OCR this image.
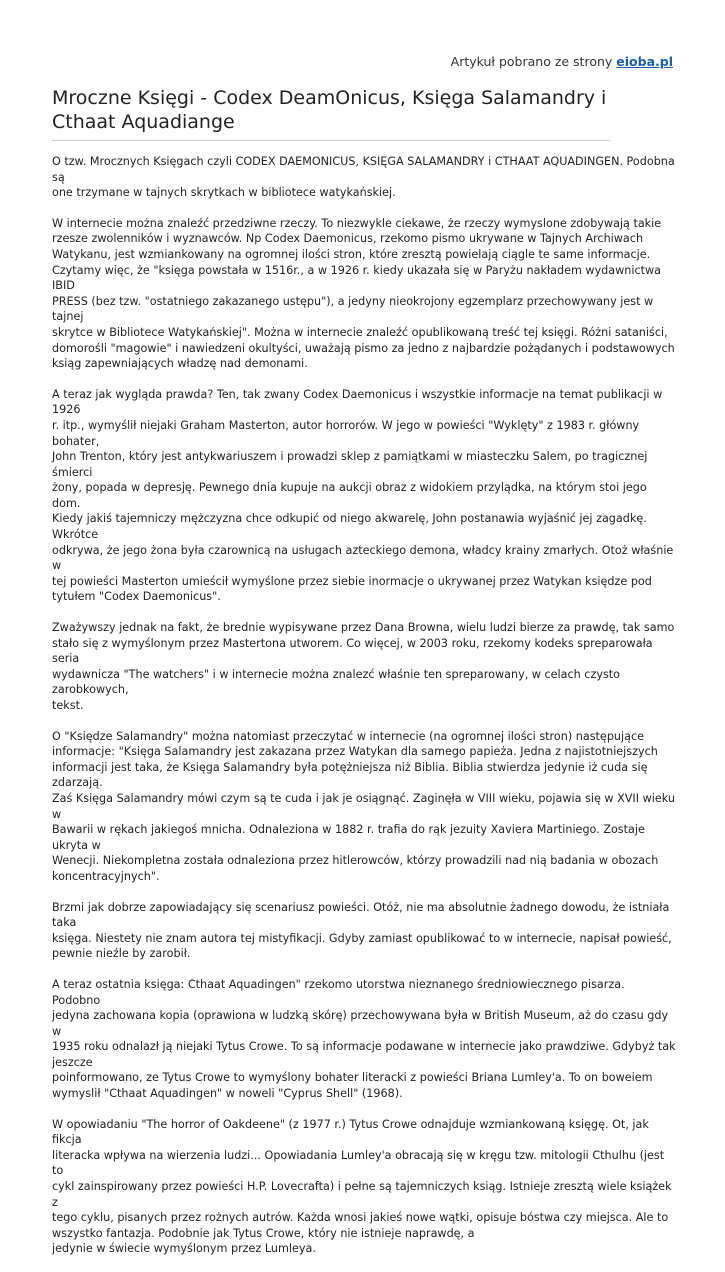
Artykuł pobrano ze strony eioba.pl
Mroczne Księgi - Codex DeamOnicus, Księga Salamandry i Cthaat Aquadiange

O tzw. Mrocznych Księgach czyli CODEX DAEMONICUS, KSIĘGA SALAMANDRY i CTHAAT AQUADINGEN. Podobna są
one trzymane w tajnych skrytkach w bibliotece watykańskiej.

W internecie można znaleźć przedziwne rzeczy. To niezwykle ciekawe, że rzeczy wymyslone zdobywają takie
rzesze zwolenników i wyznawców. Np Codex Daemonicus, rzekomo pismo ukrywane w Tajnych Archiwach
Watykanu, jest wzmiankowany na ogromnej ilości stron, które zresztą powielają ciągle te same informacje.
Czytamy więc, że "księga powstała w 1516r., a w 1926 r. kiedy ukazała się w Paryżu nakładem wydawnictwa IBID
PRESS (bez tzw. "ostatniego zakazanego ustępu"), a jedyny nieokrojony egzemplarz przechowywany jest w tajnej
skrytce w Bibliotece Watykańskiej". Można w internecie znaleźć opublikowaną treść tej księgi. Różni sataniści,
domorośli "magowie" i nawiedzeni okultyści, uważają pismo za jedno z najbardzie pożądanych i podstawowych
ksiąg zapewniających władzę nad demonami.

A teraz jak wygląda prawda? Ten, tak zwany Codex Daemonicus i wszystkie informacje na temat publikacji w 1926
r. itp., wymyślił niejaki Graham Masterton, autor horrorów. W jego w powieści "Wyklęty" z 1983 r. główny bohater,
John Trenton, który jest antykwariuszem i prowadzi sklep z pamiątkami w miasteczku Salem, po tragicznej śmierci
żony, popada w depresję. Pewnego dnia kupuje na aukcji obraz z widokiem przylądka, na którym stoi jego dom.
Kiedy jakiś tajemniczy mężczyzna chce odkupić od niego akwarelę, John postanawia wyjaśnić jej zagadkę. Wkrótce
odkrywa, że jego żona była czarownicą na usługach azteckiego demona, władcy krainy zmarłych. Otoż właśnie w
tej powieści Masterton umieścił wymyślone przez siebie inormacje o ukrywanej przez Watykan księdze pod
tytułem "Codex Daemonicus".

Zważywszy jednak na fakt, że brednie wypisywane przez Dana Browna, wielu ludzi bierze za prawdę, tak samo
stało się z wymyślonym przez Mastertona utworem. Co więcej, w 2003 roku, rzekomy kodeks spreparowała seria
wydawnicza "The watchers" i w internecie można znalezć właśnie ten spreparowany, w celach czysto zarobkowych,
tekst.

O "Księdze Salamandry" można natomiast przeczytać w internecie (na ogromnej ilości stron) następujące
informacje: "Księga Salamandry jest zakazana przez Watykan dla samego papieża. Jedna z najistotniejszych
informacji jest taka, że Księga Salamandry była potężniejsza niż Biblia. Biblia stwierdza jedynie iż cuda się zdarzają.
Zaś Księga Salamandry mówi czym są te cuda i jak je osiągnąć. Zaginęła w VIII wieku, pojawia się w XVII wieku w
Bawarii w rękach jakiegoś mnicha. Odnaleziona w 1882 r. trafia do rąk jezuity Xaviera Martiniego. Zostaje ukryta w
Wenecji. Niekompletna została odnaleziona przez hitlerowców, którzy prowadzili nad nią badania w obozach
koncentracyjnych".

Brzmi jak dobrze zapowiadający się scenariusz powieści. Otóż, nie ma absolutnie żadnego dowodu, że istniała taka
księga. Niestety nie znam autora tej mistyfikacji. Gdyby zamiast opublikować to w internecie, napisał powieść,
pewnie nieźle by zarobił.

A teraz ostatnia księga: Cthaat Aquadingen" rzekomo utorstwa nieznanego średniowiecznego pisarza. Podobno
jedyna zachowana kopia (oprawiona w ludzką skórę) przechowywana była w British Museum, aż do czasu gdy w
1935 roku odnalazł ją niejaki Tytus Crowe. To są informacje podawane w internecie jako prawdziwe. Gdybyż tak
jeszcze
poinformowano, ze Tytus Crowe to wymyślony bohater literacki z powieści Briana Lumley'a. To on boweiem
wymyslił "Cthaat Aquadingen" w noweli "Cyprus Shell" (1968).

W opowiadaniu "The horror of Oakdeene" (z 1977 r.) Tytus Crowe odnajduje wzmiankowaną księgę. Ot, jak fikcja
literacka wpływa na wierzenia ludzi... Opowiadania Lumley'a obracają się w kręgu tzw. mitologii Cthulhu (jest to
cykl zainspirowany przez powieści H.P. Lovecrafta) i pełne są tajemniczych ksiąg. Istnieje zresztą wiele książek z
tego cyklu, pisanych przez rożnych autrów. Każda wnosi jakieś nowe wątki, opisuje bóstwa czy miejsca. Ale to
wszystko fantazja. Podobnie jak Tytus Crowe, który nie istnieje naprawdę, a
jedynie w świecie wymyślonym przez Lumleya.
